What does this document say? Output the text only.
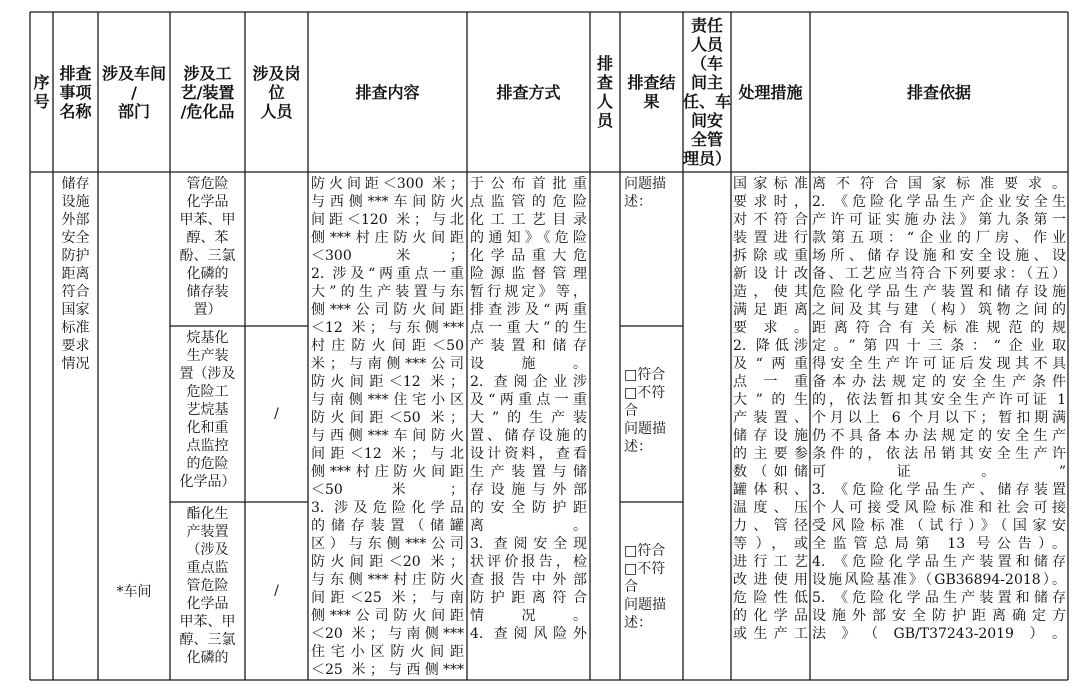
序
号
排查
事项
名称
涉及车间
/
部门
涉及工
艺/装置
/危化品
涉及岗
位
人员
排查内容	排查方式
排
查
人
员
排查结
果
责任
人员
（车
间主
任、车
间安
全管
理员）
处理措施	排查依据
储存
设施
外部
安全
防护
距离
符合
国家
标准
要求
情况
*车间
管危险
化学品
甲苯、甲
醇、苯
酚、三氯
化磷的
储存装
置）
烷基化
生产装
置（涉及
危险工
艺烷基
化和重
点监控
的危险
化学品）
酯化生
产装置
（涉及
重点监
管危险
化学品
甲苯、甲
醇、三氯
化磷的
/
/
防火间距＜300 米；
与西侧***车间防火
间距＜120 米；与北
侧***村庄防火间距
＜300 米；
2. 涉及“两重点一重
大”的生产装置与东
侧***公司防火间距
＜12 米；与东侧***
村庄防火间距＜50
米；与南侧***公司
防火间距＜12 米；
与南侧***住宅小区
防火间距＜50 米；
与西侧***车间防火
间距＜12 米；与北
侧***村庄防火间距
＜50 米；
3. 涉及危险化学品
的储存装置（储罐
区）与东侧***公司
防火间距＜20 米；
与东侧***村庄防火
间距＜25 米；与南
侧***公司防火间距
＜20 米；与南侧***
住宅小区防火间距
＜25 米；与西侧***
于公布首批重
点监管的危险
化工工艺目录
的通知》《危险
化学品重大危
险源监督管理
暂行规定》等，
排查涉及“两重
点一重大”的生
产装置和储存
设施。
2. 查阅企业涉
及“两重点一重
大”的生产装
置、储存设施的
设计资料，查看
生产装置与储
存设施与外部
的安全防护距
离。
3. 查阅安全现
状评价报告，检
查报告中外部
防护距离符合
情况。
4. 查阅风险外
问题描
述：
□符合
□不符
合
问题描
述：
□符合
□不符
合
问题描
述：
国家标准
要求时，
对不符合
装置进行
拆除或重
新设计改
造，使其
满足距离
要求。
2. 降低涉
及“两重
点一重
大”的生
产装置、
储存设施
的主要参
数（如储
罐体积、
温度、压
力、管径
等），或
进行工艺
改进使用
危险性低
的化学品
或生产工
离不符合国家标准要求。
2. 《危险化学品生产企业安全生
产许可证实施办法》第九条第一
款第五项：“企业的厂房、作业
场所、储存设施和安全设施、设
备、工艺应当符合下列要求：（五）
危险化学品生产装置和储存设施
之间及其与建（构）筑物之间的
距离符合有关标准规范的规
定。”第四十三条：“企业取
得安全生产许可证后发现其不具
备本办法规定的安全生产条件
的，依法暂扣其安全生产许可证 1
个月以上 6 个月以下；暂扣期满
仍不具备本办法规定的安全生产
条件的，依法吊销其安全生产许
可证。”
3. 《危险化学品生产、储存装置
个人可接受风险标准和社会可接
受风险标准（试行）》（国家安
全监管总局第 13 号公告）。
4. 《危险化学品生产装置和储存
设施风险基准》（GB36894-2018）。
5. 《危险化学品生产装置和储存
设施外部安全防护距离确定方
法》（GB/T37243-2019）。
